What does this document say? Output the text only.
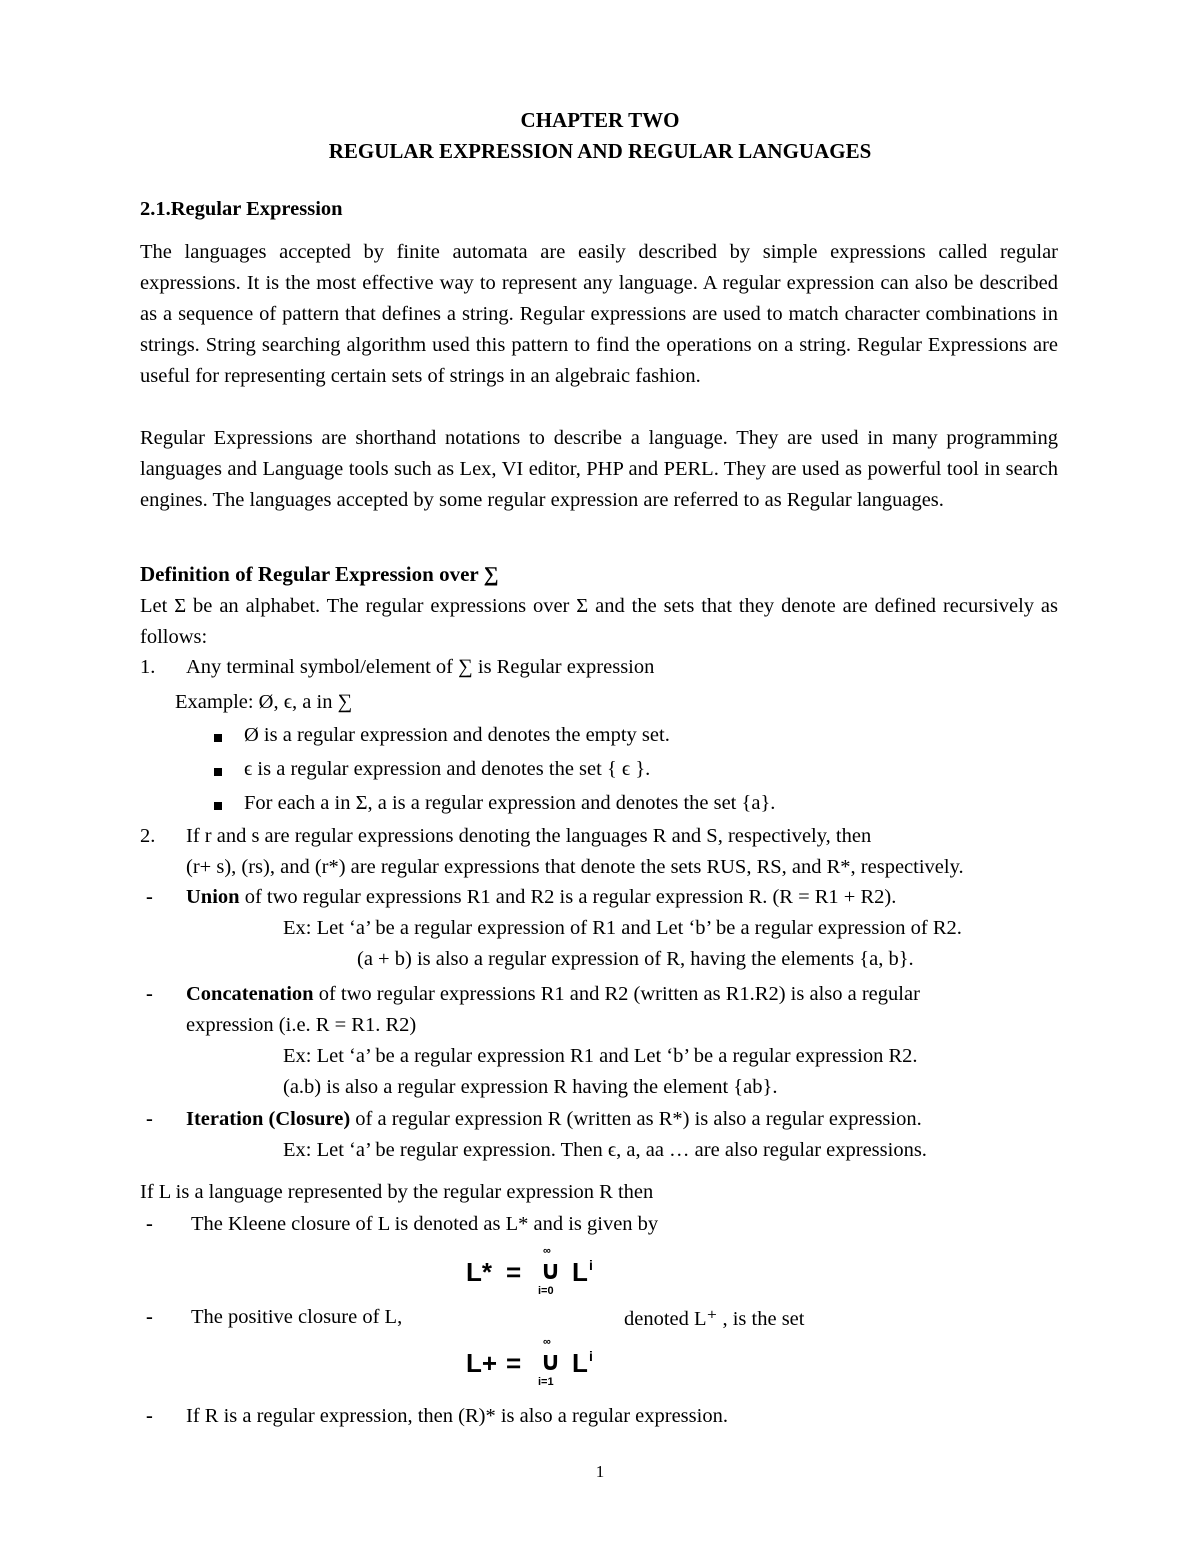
CHAPTER TWO
REGULAR EXPRESSION AND REGULAR LANGUAGES
2.1.Regular Expression
The languages accepted by finite automata are easily described by simple expressions called regular expressions. It is the most effective way to represent any language. A regular expression can also be described as a sequence of pattern that defines a string. Regular expressions are used to match character combinations in strings. String searching algorithm used this pattern to find the operations on a string. Regular Expressions are useful for representing certain sets of strings in an algebraic fashion.
Regular Expressions are shorthand notations to describe a language. They are used in many programming languages and Language tools such as Lex, VI editor, PHP and PERL. They are used as powerful tool in search engines. The languages accepted by some regular expression are referred to as Regular languages.
Definition of Regular Expression over ∑
Let Σ be an alphabet. The regular expressions over Σ and the sets that they denote are defined recursively as follows:
1. Any terminal symbol/element of ∑ is Regular expression
Example: Ø, ϵ, a in ∑
Ø is a regular expression and denotes the empty set.
ϵ is a regular expression and denotes the set { ϵ }.
For each a in Σ, a is a regular expression and denotes the set {a}.
2. If r and s are regular expressions denoting the languages R and S, respectively, then
(r+ s), (rs), and (r*) are regular expressions that denote the sets RUS, RS, and R*, respectively.
- Union of two regular expressions R1 and R2 is a regular expression R. (R = R1 + R2).
Ex: Let ‘a’ be a regular expression of R1 and Let ‘b’ be a regular expression of R2.
(a + b) is also a regular expression of R, having the elements {a, b}.
- Concatenation of two regular expressions R1 and R2 (written as R1.R2) is also a regular
expression (i.e. R = R1. R2)
Ex: Let ‘a’ be a regular expression R1 and Let ‘b’ be a regular expression R2.
(a.b) is also a regular expression R having the element {ab}.
- Iteration (Closure) of a regular expression R (written as R*) is also a regular expression.
Ex: Let ‘a’ be regular expression. Then ϵ, a, aa … are also regular expressions.
If L is a language represented by the regular expression R then
- The Kleene closure of L is denoted as L* and is given by
L* =
∞
∪
i=0
L i
- The positive closure of L,	denoted L⁺ , is the set
L+ =
∞
∪
i=1
L i
- If R is a regular expression, then (R)* is also a regular expression.
1
